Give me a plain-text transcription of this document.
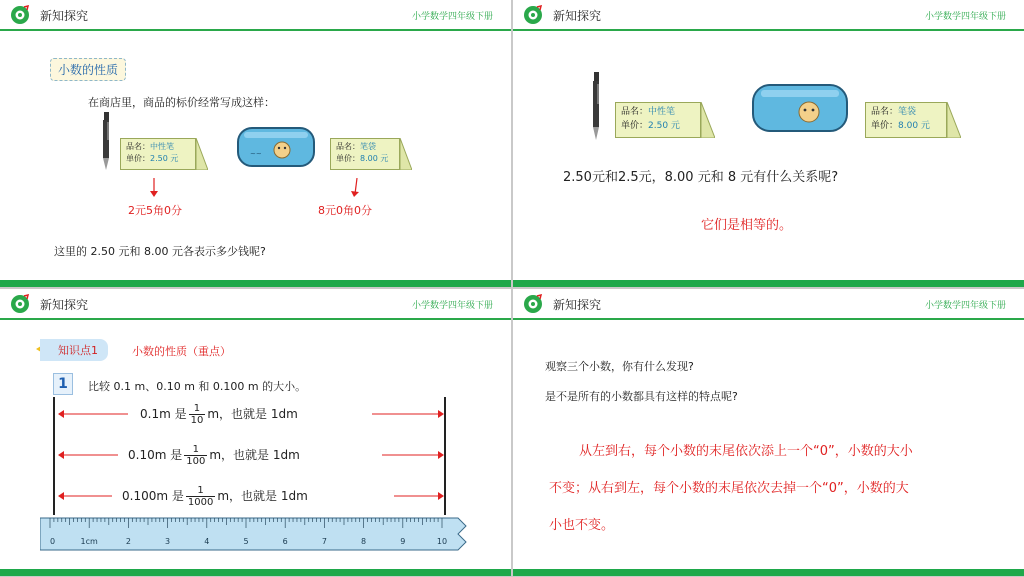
新知探究	小学数学四年级下册
小数的性质
在商店里，商品的标价经常写成这样：
品名：中性笔
单价：2.50 元	~~
品名：笔袋
单价：8.00 元
2元5角0分	8元0角0分
这里的 2.50 元和 8.00 元各表示多少钱呢?
新知探究	小学数学四年级下册
品名：中性笔
单价：2.50 元
品名：笔袋
单价：8.00 元
2.50元和2.5元，8.00 元和 8 元有什么关系呢?
它们是相等的。
新知探究	小学数学四年级下册
知识点1	小数的性质（重点）
1	比较 0.1 m、0.10 m 和 0.100 m 的大小。
0.1m 是 $\frac{1}{10}$ m，也就是 1dm
0.10m 是 $\frac{1}{100}$ m，也就是 1dm
0.100m 是 $\frac{1}{1000}$ m，也就是 1dm
0	1cm	2	3	4	5	6	7	8	9	10
新知探究	小学数学四年级下册
观察三个小数，你有什么发现?
是不是所有的小数都具有这样的特点呢?
从左到右，每个小数的末尾依次添上一个“0”，小数的大小
不变；从右到左，每个小数的末尾依次去掉一个“0”，小数的大
小也不变。
